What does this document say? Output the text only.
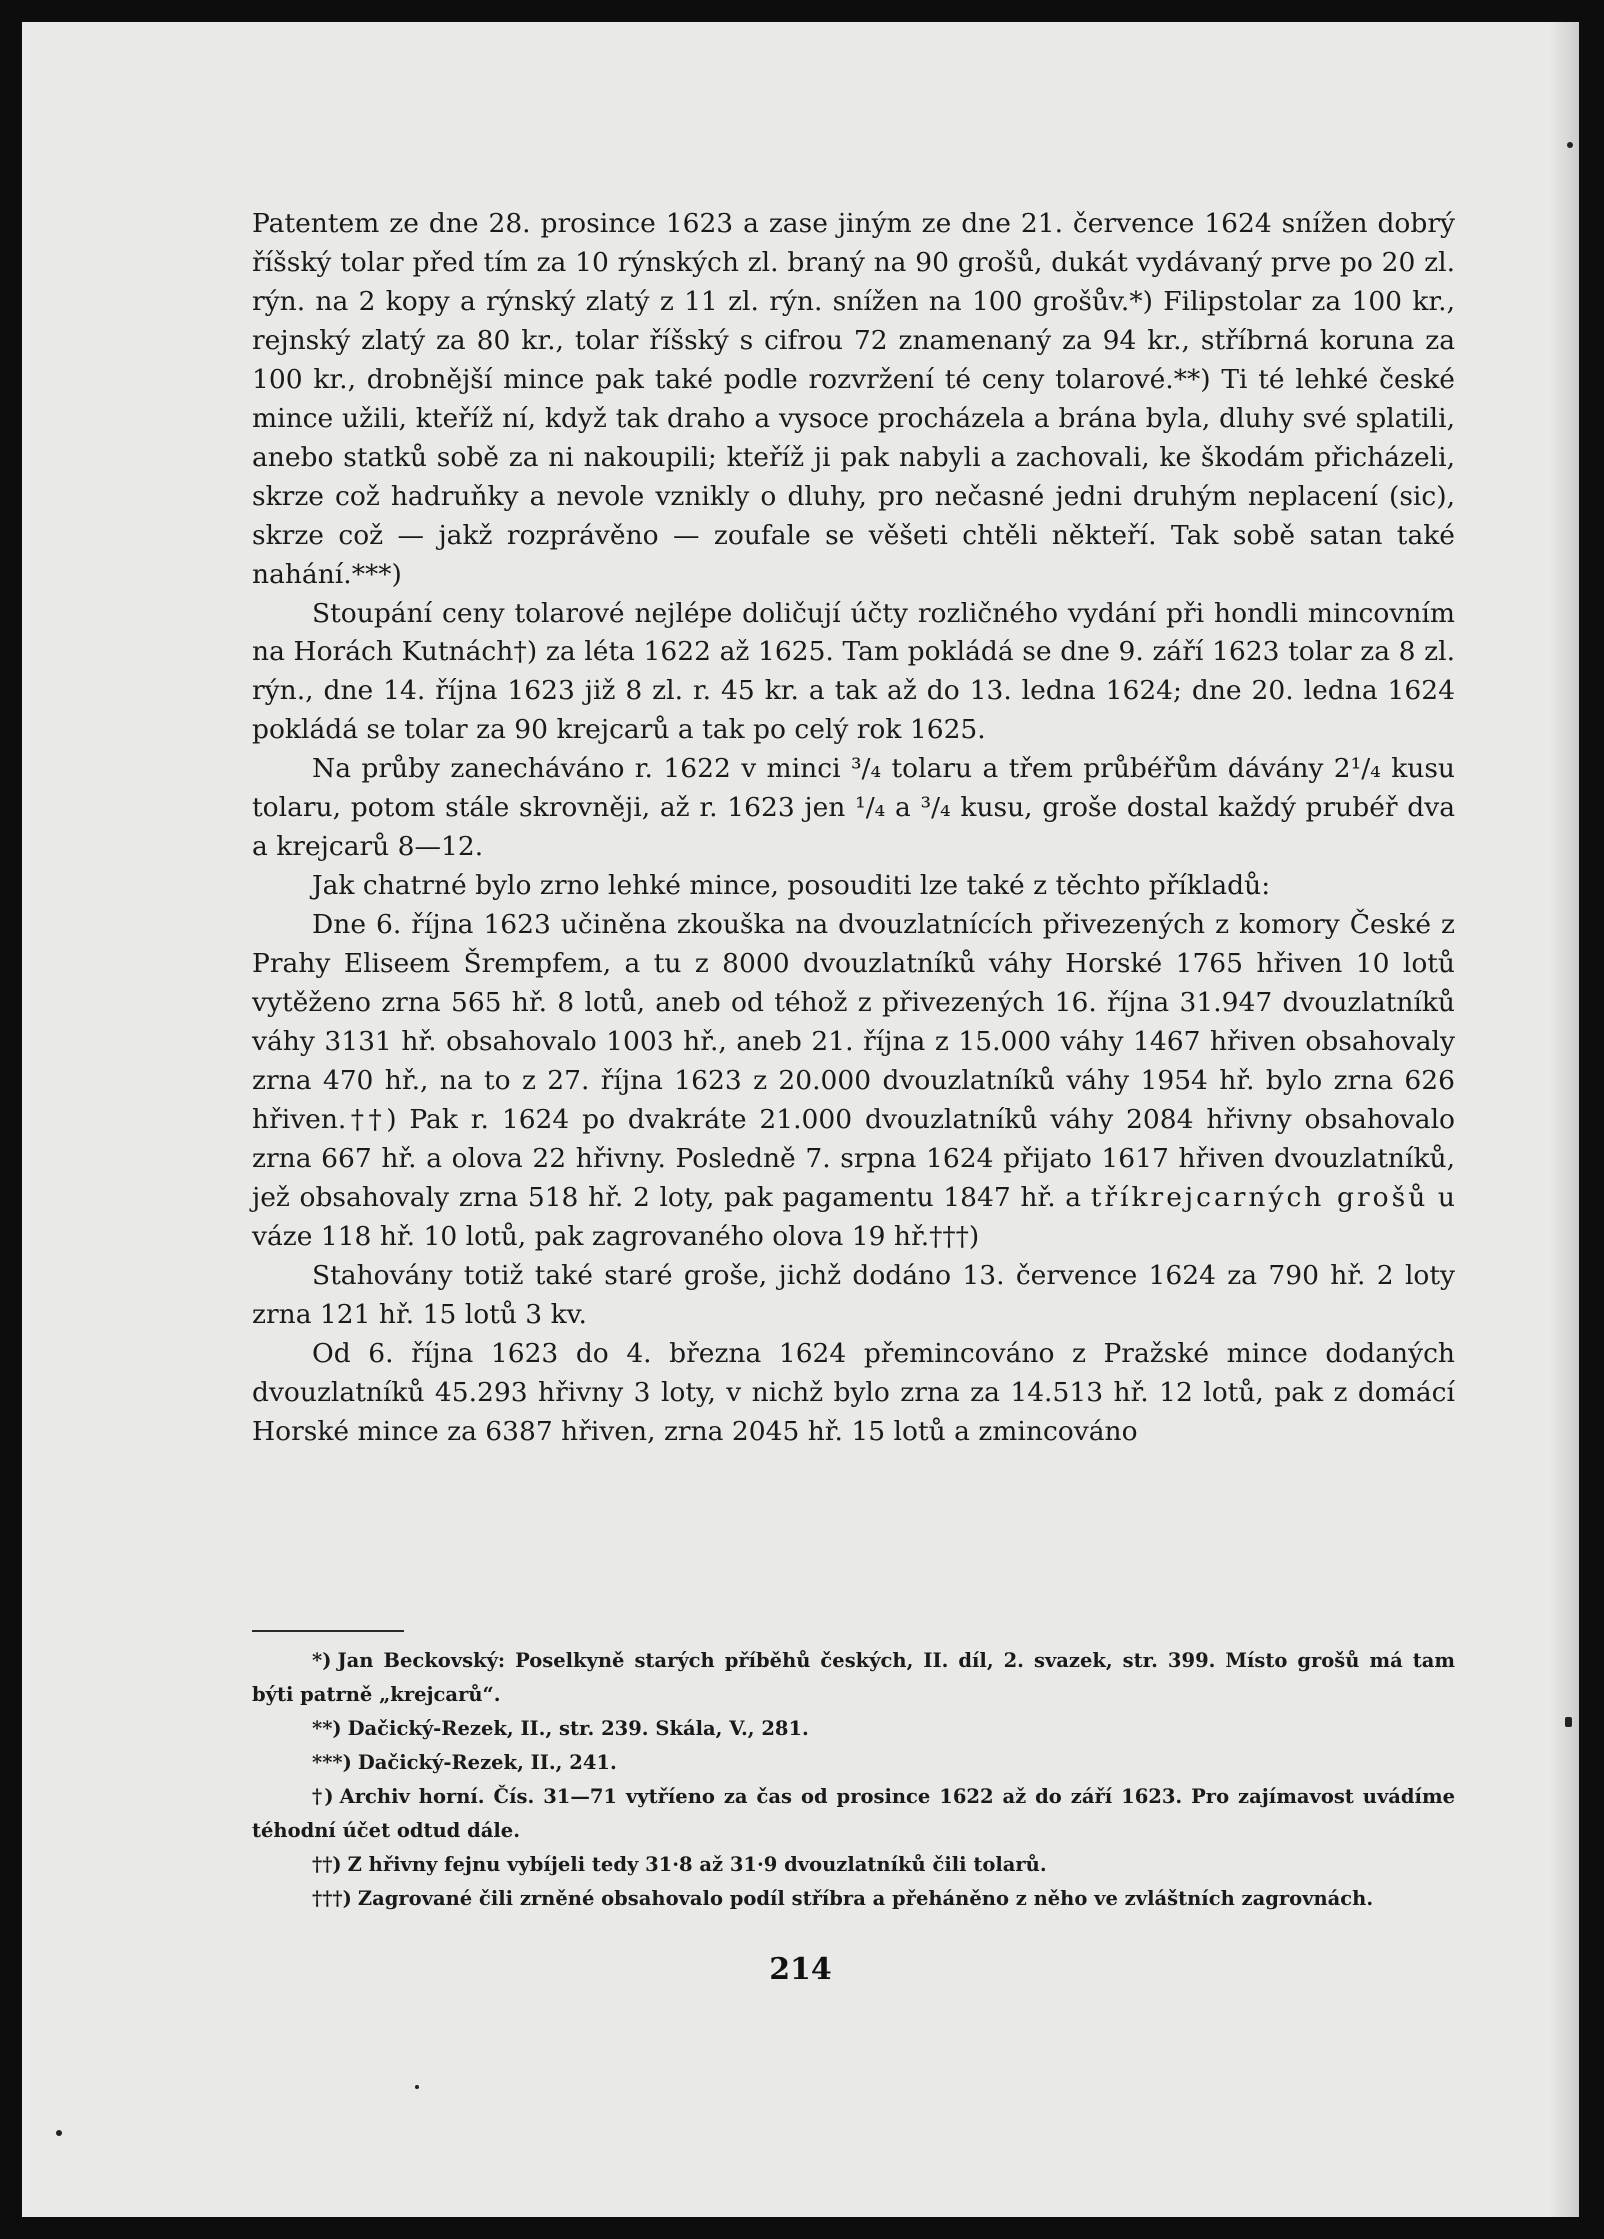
Patentem ze dne 28. prosince 1623 a zase jiným ze dne 21. července 1624 snížen dobrý říšský tolar před tím za 10 rýnských zl. braný na 90 grošů, dukát vydávaný prve po 20 zl. rýn. na 2 kopy a rýnský zlatý z 11 zl. rýn. snížen na 100 grošův.*) Filipstolar za 100 kr., rejnský zlatý za 80 kr., tolar říšský s cifrou 72 znamenaný za 94 kr., stříbrná koruna za 100 kr., drobnější mince pak také podle rozvržení té ceny tolarové.**) Ti té lehké české mince užili, kteříž ní, když tak draho a vysoce procházela a brána byla, dluhy své splatili, anebo statků sobě za ni nakoupili; kteříž ji pak nabyli a zachovali, ke škodám přicházeli, skrze což hadruňky a nevole vznikly o dluhy, pro nečasné jedni druhým neplacení (sic), skrze což — jakž rozprávěno — zoufale se věšeti chtěli někteří. Tak sobě satan také nahání.***)

Stoupání ceny tolarové nejlépe doličují účty rozličného vydání při hondli mincovním na Horách Kutnách†) za léta 1622 až 1625. Tam pokládá se dne 9. září 1623 tolar za 8 zl. rýn., dne 14. října 1623 již 8 zl. r. 45 kr. a tak až do 13. ledna 1624; dne 20. ledna 1624 pokládá se tolar za 90 krejcarů a tak po celý rok 1625.

Na průby zanecháváno r. 1622 v minci ³/₄ tolaru a třem průbéřům dávány 2¹/₄ kusu tolaru, potom stále skrovněji, až r. 1623 jen ¹/₄ a ³/₄ kusu, groše dostal každý prubéř dva a krejcarů 8—12.

Jak chatrné bylo zrno lehké mince, posouditi lze také z těchto příkladů:

Dne 6. října 1623 učiněna zkouška na dvouzlatnících přivezených z komory České z Prahy Eliseem Šrempfem, a tu z 8000 dvouzlatníků váhy Horské 1765 hřiven 10 lotů vytěženo zrna 565 hř. 8 lotů, aneb od téhož z přivezených 16. října 31.947 dvouzlatníků váhy 3131 hř. obsahovalo 1003 hř., aneb 21. října z 15.000 váhy 1467 hřiven obsahovaly zrna 470 hř., na to z 27. října 1623 z 20.000 dvouzlatníků váhy 1954 hř. bylo zrna 626 hřiven.††) Pak r. 1624 po dvakráte 21.000 dvouzlatníků váhy 2084 hřivny obsahovalo zrna 667 hř. a olova 22 hřivny. Posledně 7. srpna 1624 přijato 1617 hřiven dvouzlatníků, jež obsahovaly zrna 518 hř. 2 loty, pak pagamentu 1847 hř. a tříkrejcarných grošů u váze 118 hř. 10 lotů, pak zagrovaného olova 19 hř.†††)

Stahovány totiž také staré groše, jichž dodáno 13. července 1624 za 790 hř. 2 loty zrna 121 hř. 15 lotů 3 kv.

Od 6. října 1623 do 4. března 1624 přemincováno z Pražské mince dodaných dvouzlatníků 45.293 hřivny 3 loty, v nichž bylo zrna za 14.513 hř. 12 lotů, pak z domácí Horské mince za 6387 hřiven, zrna 2045 hř. 15 lotů a zmincováno

*) Jan Beckovský: Poselkyně starých příběhů českých, II. díl, 2. svazek, str. 399. Místo grošů má tam býti patrně „krejcarů“.

**) Dačický-Rezek, II., str. 239. Skála, V., 281.

***) Dačický-Rezek, II., 241.

†) Archiv horní. Čís. 31—71 vytříeno za čas od prosince 1622 až do září 1623. Pro zajímavost uvádíme téhodní účet odtud dále.

††) Z hřivny fejnu vybíjeli tedy 31·8 až 31·9 dvouzlatníků čili tolarů.

†††) Zagrované čili zrněné obsahovalo podíl stříbra a přeháněno z něho ve zvláštních zagrovnách.

214
